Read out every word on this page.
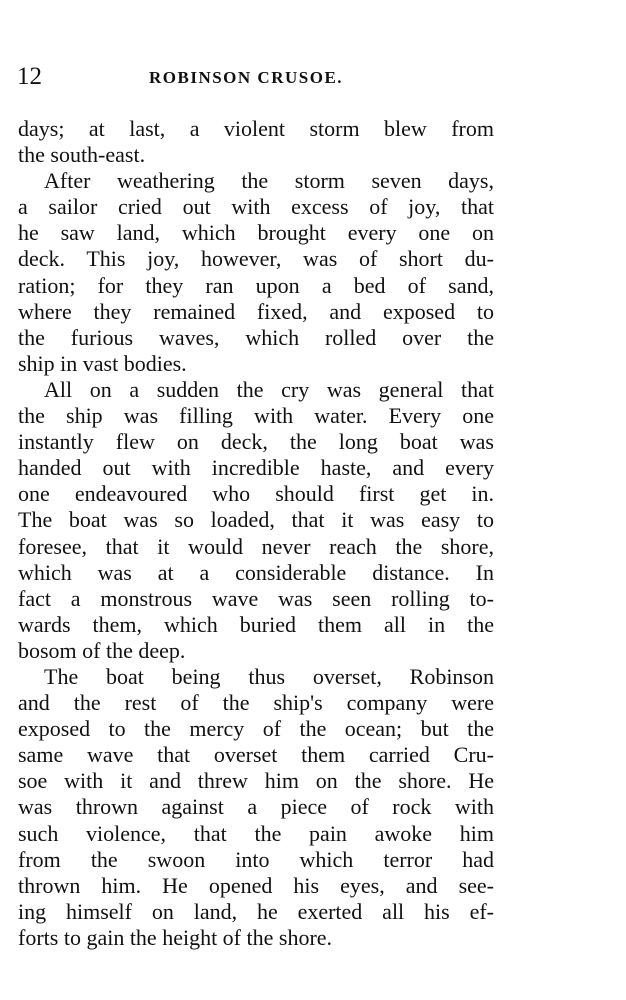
12	ROBINSON CRUSOE.
days; at last, a violent storm blew from
the south-east.
After weathering the storm seven days,
a sailor cried out with excess of joy, that
he saw land, which brought every one on
deck. This joy, however, was of short du-
ration; for they ran upon a bed of sand,
where they remained fixed, and exposed to
the furious waves, which rolled over the
ship in vast bodies.
All on a sudden the cry was general that
the ship was filling with water. Every one
instantly flew on deck, the long boat was
handed out with incredible haste, and every
one endeavoured who should first get in.
The boat was so loaded, that it was easy to
foresee, that it would never reach the shore,
which was at a considerable distance. In
fact a monstrous wave was seen rolling to-
wards them, which buried them all in the
bosom of the deep.
The boat being thus overset, Robinson
and the rest of the ship's company were
exposed to the mercy of the ocean; but the
same wave that overset them carried Cru-
soe with it and threw him on the shore. He
was thrown against a piece of rock with
such violence, that the pain awoke him
from the swoon into which terror had
thrown him. He opened his eyes, and see-
ing himself on land, he exerted all his ef-
forts to gain the height of the shore.
